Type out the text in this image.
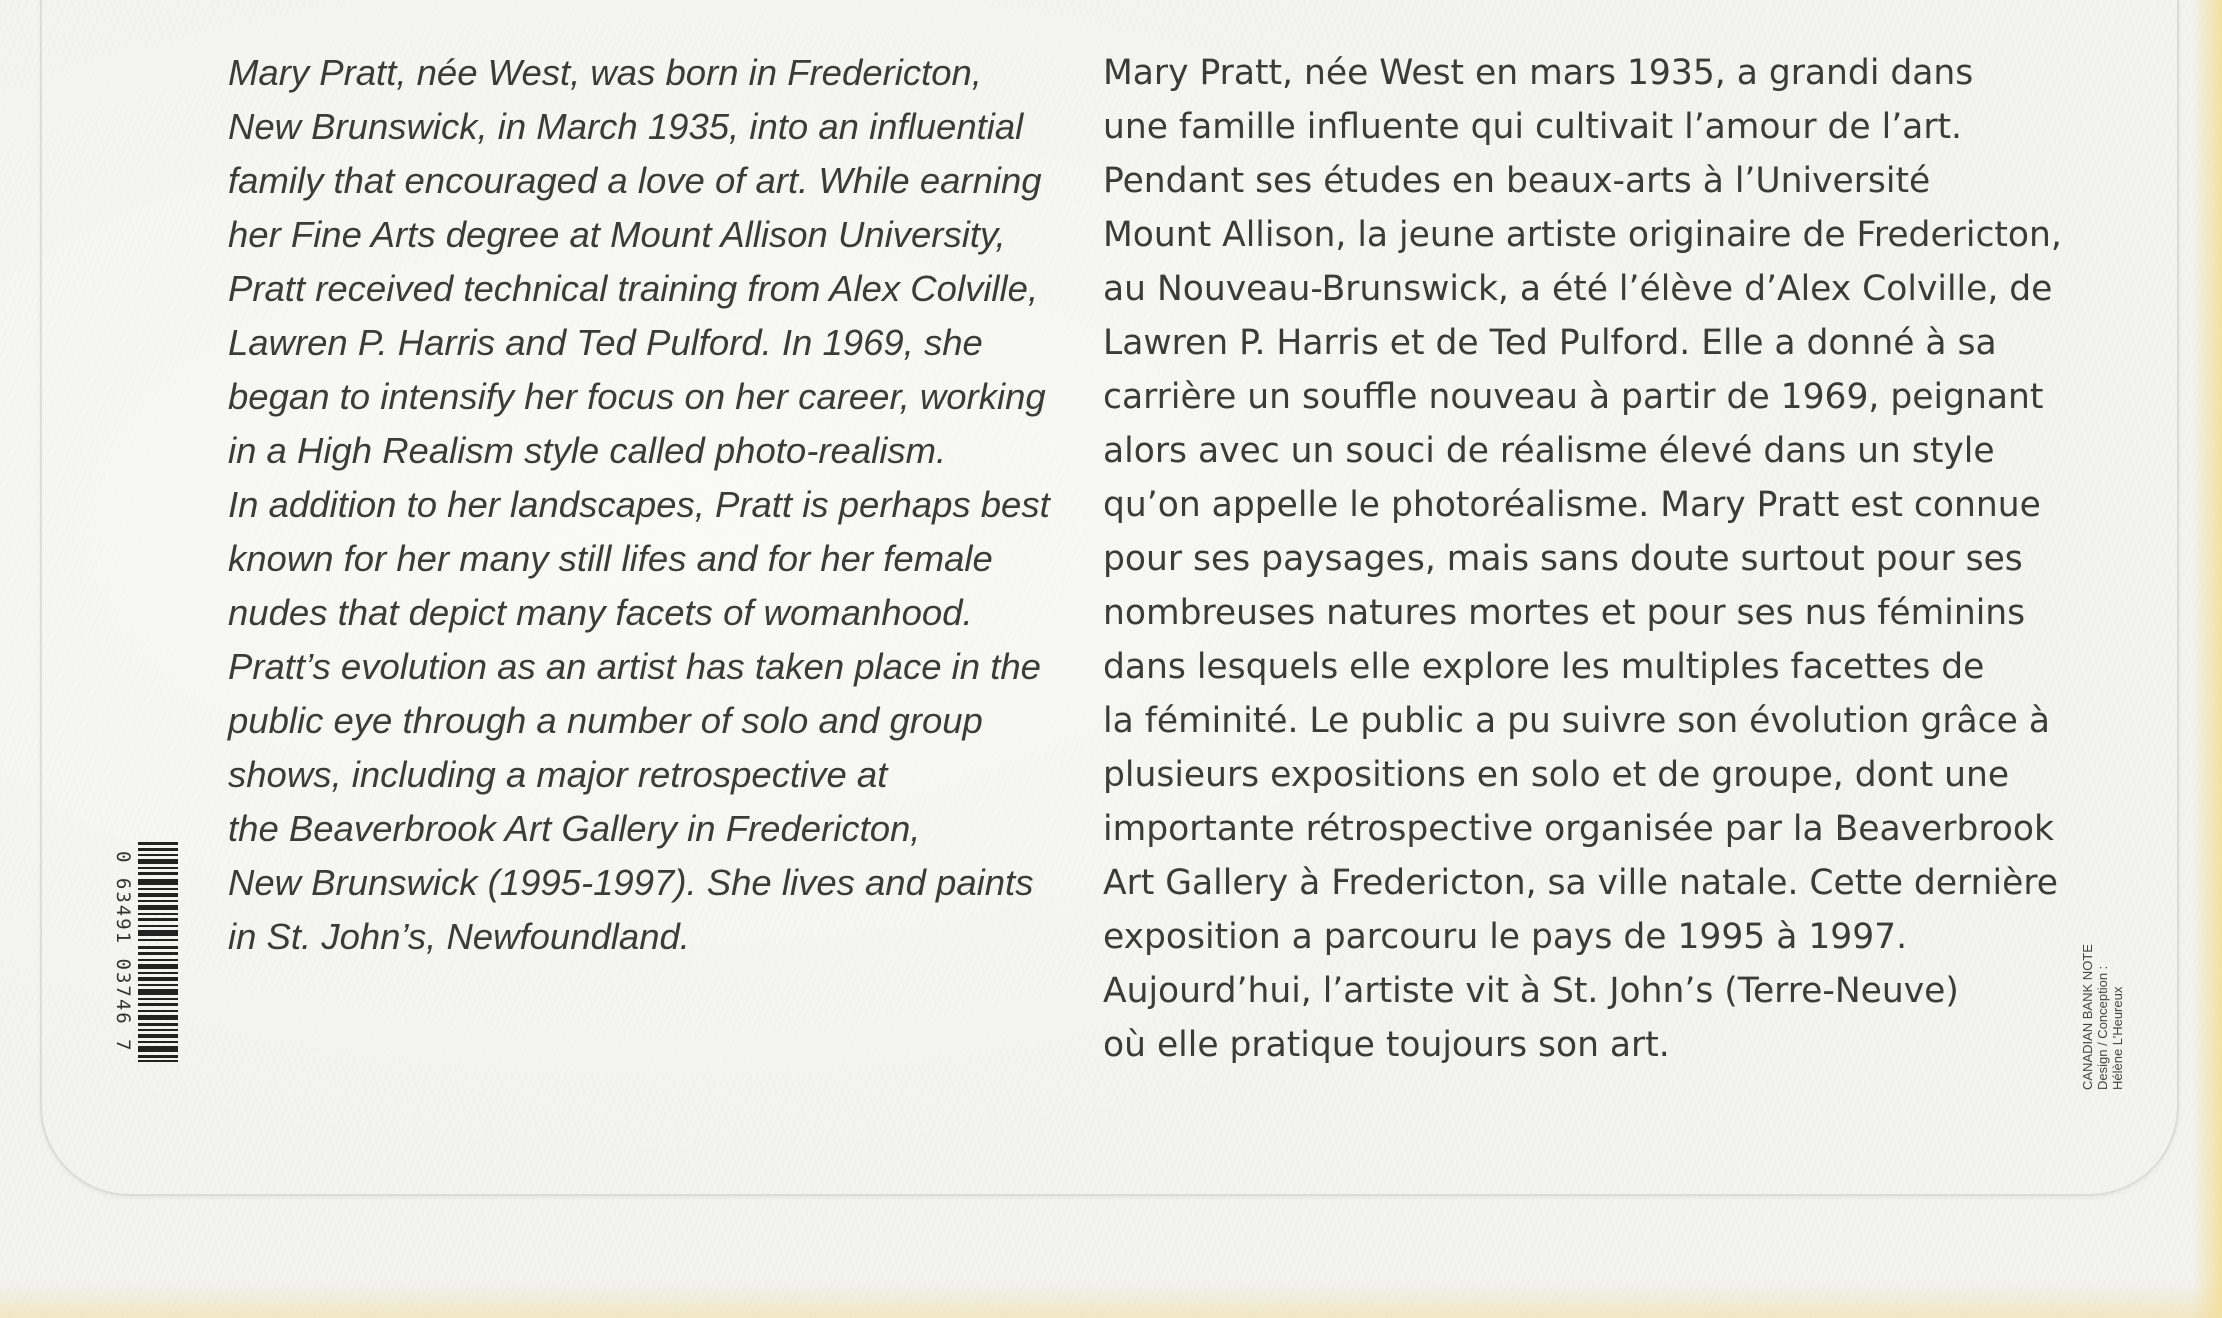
Mary Pratt, née West, was born in Fredericton,
New Brunswick, in March 1935, into an influential
family that encouraged a love of art. While earning
her Fine Arts degree at Mount Allison University,
Pratt received technical training from Alex Colville,
Lawren P. Harris and Ted Pulford. In 1969, she
began to intensify her focus on her career, working
in a High Realism style called photo-realism.
In addition to her landscapes, Pratt is perhaps best
known for her many still lifes and for her female
nudes that depict many facets of womanhood.
Pratt’s evolution as an artist has taken place in the
public eye through a number of solo and group
shows, including a major retrospective at
the Beaverbrook Art Gallery in Fredericton,
New Brunswick (1995-1997). She lives and paints
in St. John’s, Newfoundland.
Mary Pratt, née West en mars 1935, a grandi dans
une famille influente qui cultivait l’amour de l’art.
Pendant ses études en beaux-arts à l’Université
Mount Allison, la jeune artiste originaire de Fredericton,
au Nouveau-Brunswick, a été l’élève d’Alex Colville, de
Lawren P. Harris et de Ted Pulford. Elle a donné à sa
carrière un souffle nouveau à partir de 1969, peignant
alors avec un souci de réalisme élevé dans un style
qu’on appelle le photoréalisme. Mary Pratt est connue
pour ses paysages, mais sans doute surtout pour ses
nombreuses natures mortes et pour ses nus féminins
dans lesquels elle explore les multiples facettes de
la féminité. Le public a pu suivre son évolution grâce à
plusieurs expositions en solo et de groupe, dont une
importante rétrospective organisée par la Beaverbrook
Art Gallery à Fredericton, sa ville natale. Cette dernière
exposition a parcouru le pays de 1995 à 1997.
Aujourd’hui, l’artiste vit à St. John’s (Terre-Neuve)
où elle pratique toujours son art.
0 63491 03746 7	CANADIAN BANK NOTE Design / Conception : Hélène L’Heureux
